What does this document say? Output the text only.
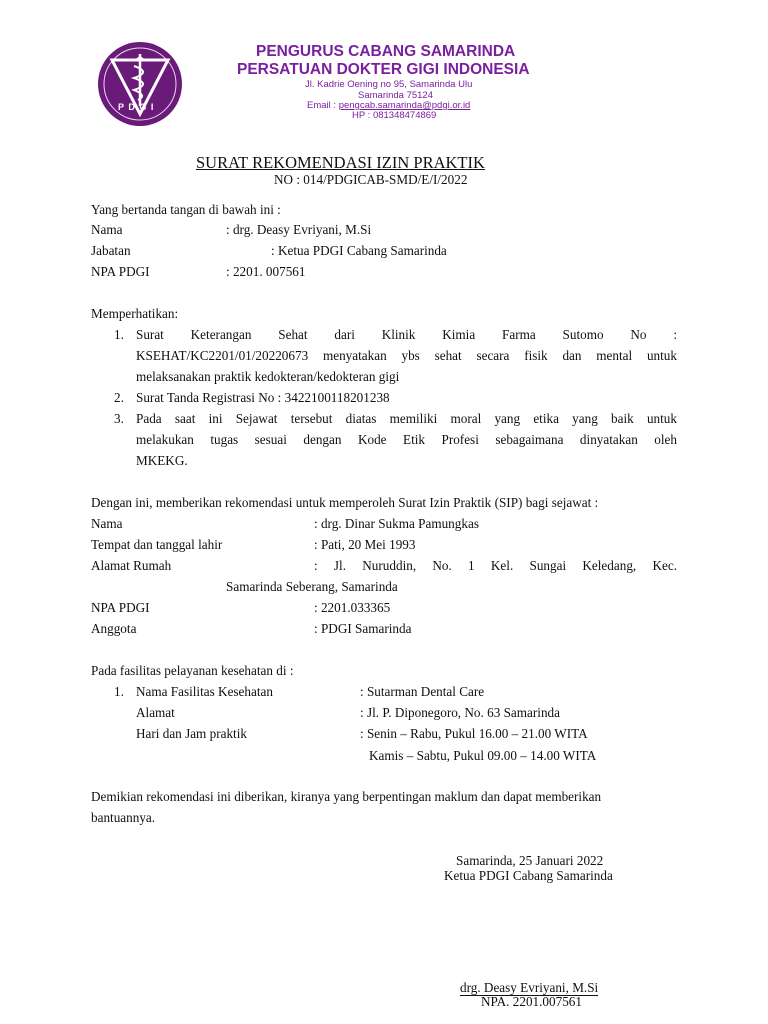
P D G I
PENGURUS CABANG SAMARINDA
PERSATUAN DOKTER GIGI INDONESIA
Jl. Kadrie Oening no 95, Samarinda Ulu
Samarinda 75124
Email : pengcab.samarinda@pdgi.or.id
HP : 081348474869
SURAT REKOMENDASI IZIN PRAKTIK
NO : 014/PDGICAB-SMD/E/I/2022
Yang bertanda tangan di bawah ini :
Nama	: drg. Deasy Evriyani, M.Si
Jabatan	: Ketua PDGI Cabang Samarinda
NPA PDGI	: 2201. 007561
Memperhatikan:
1. Surat Keterangan Sehat dari Klinik Kimia Farma Sutomo No :
KSEHAT/KC2201/01/20220673 menyatakan ybs sehat secara fisik dan mental untuk
melaksanakan praktik kedokteran/kedokteran gigi
2. Surat Tanda Registrasi No : 3422100118201238
3. Pada saat ini Sejawat tersebut diatas memiliki moral yang etika yang baik untuk
melakukan tugas sesuai dengan Kode Etik Profesi sebagaimana dinyatakan oleh
MKEKG.
Dengan ini, memberikan rekomendasi untuk memperoleh Surat Izin Praktik (SIP) bagi sejawat :
Nama	: drg. Dinar Sukma Pamungkas
Tempat dan tanggal lahir	: Pati, 20 Mei 1993
Alamat Rumah	: Jl. Nuruddin, No. 1 Kel. Sungai Keledang, Kec.
Samarinda Seberang, Samarinda
NPA PDGI	: 2201.033365
Anggota	: PDGI Samarinda
Pada fasilitas pelayanan kesehatan di :
1. Nama Fasilitas Kesehatan	: Sutarman Dental Care
Alamat	: Jl. P. Diponegoro, No. 63 Samarinda
Hari dan Jam praktik	: Senin – Rabu, Pukul 16.00 – 21.00 WITA
Kamis – Sabtu, Pukul 09.00 – 14.00 WITA
Demikian rekomendasi ini diberikan, kiranya yang berpentingan maklum dan dapat memberikan
bantuannya.
Samarinda, 25 Januari 2022
Ketua PDGI Cabang Samarinda
drg. Deasy Evriyani, M.Si
NPA. 2201.007561
